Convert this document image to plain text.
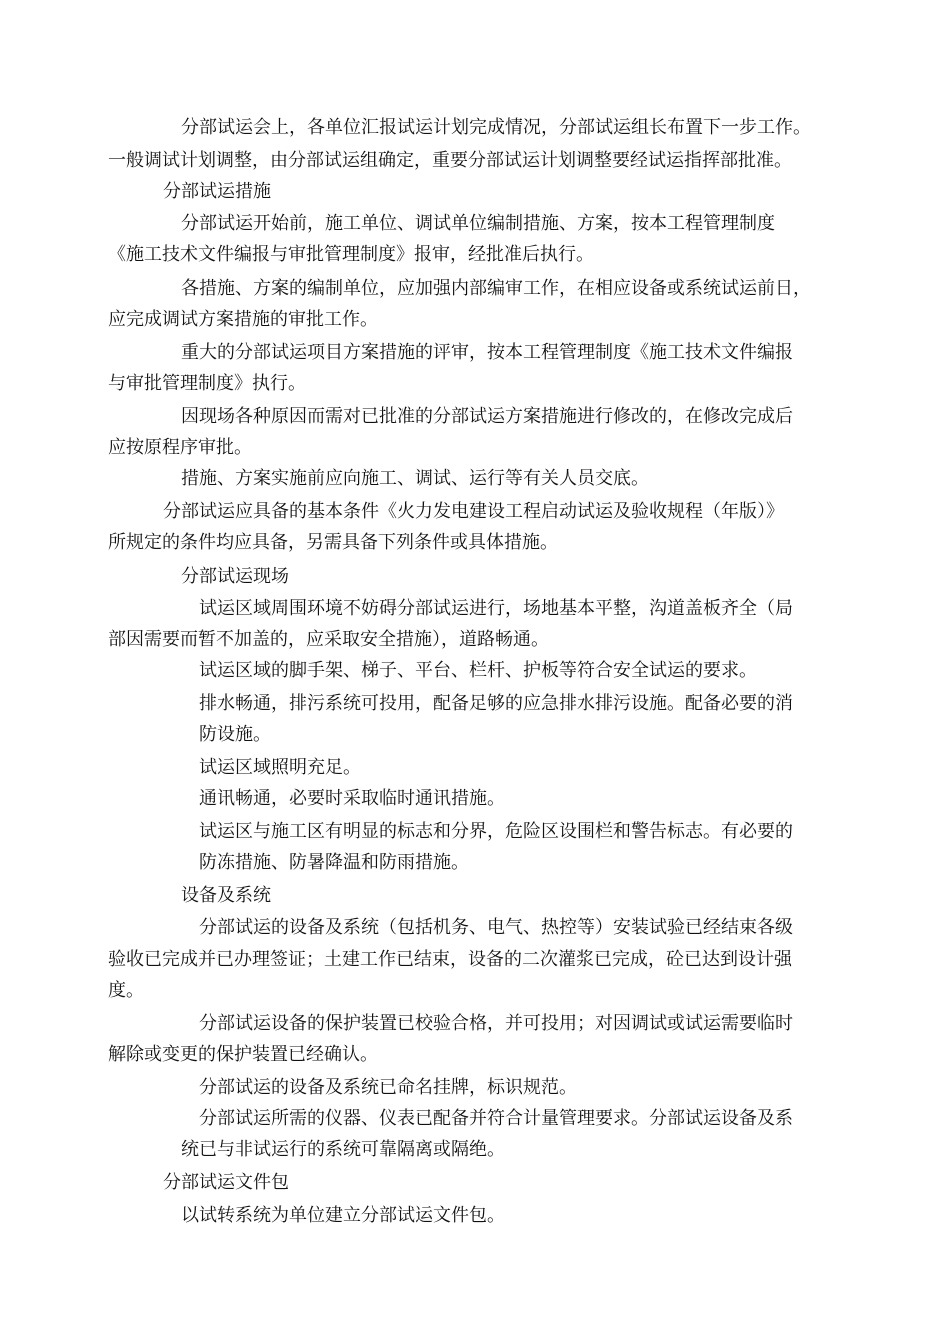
分部试运会上，各单位汇报试运计划完成情况，分部试运组长布置下一步工作。
一般调试计划调整，由分部试运组确定，重要分部试运计划调整要经试运指挥部批准。
分部试运措施
分部试运开始前，施工单位、调试单位编制措施、方案，按本工程管理制度
《施工技术文件编报与审批管理制度》报审，经批准后执行。
各措施、方案的编制单位，应加强内部编审工作，在相应设备或系统试运前日，
应完成调试方案措施的审批工作。
重大的分部试运项目方案措施的评审，按本工程管理制度《施工技术文件编报
与审批管理制度》执行。
因现场各种原因而需对已批准的分部试运方案措施进行修改的，在修改完成后
应按原程序审批。
措施、方案实施前应向施工、调试、运行等有关人员交底。
分部试运应具备的基本条件《火力发电建设工程启动试运及验收规程（年版）》
所规定的条件均应具备，另需具备下列条件或具体措施。
分部试运现场
试运区域周围环境不妨碍分部试运进行，场地基本平整，沟道盖板齐全（局
部因需要而暂不加盖的，应采取安全措施），道路畅通。
试运区域的脚手架、梯子、平台、栏杆、护板等符合安全试运的要求。
排水畅通，排污系统可投用，配备足够的应急排水排污设施。配备必要的消
防设施。
试运区域照明充足。
通讯畅通，必要时采取临时通讯措施。
试运区与施工区有明显的标志和分界，危险区设围栏和警告标志。有必要的
防冻措施、防暑降温和防雨措施。
设备及系统
分部试运的设备及系统（包括机务、电气、热控等）安装试验已经结束各级
验收已完成并已办理签证；土建工作已结束，设备的二次灌浆已完成，砼已达到设计强
度。
分部试运设备的保护装置已校验合格，并可投用；对因调试或试运需要临时
解除或变更的保护装置已经确认。
分部试运的设备及系统已命名挂牌，标识规范。
分部试运所需的仪器、仪表已配备并符合计量管理要求。分部试运设备及系
统已与非试运行的系统可靠隔离或隔绝。
分部试运文件包
以试转系统为单位建立分部试运文件包。
